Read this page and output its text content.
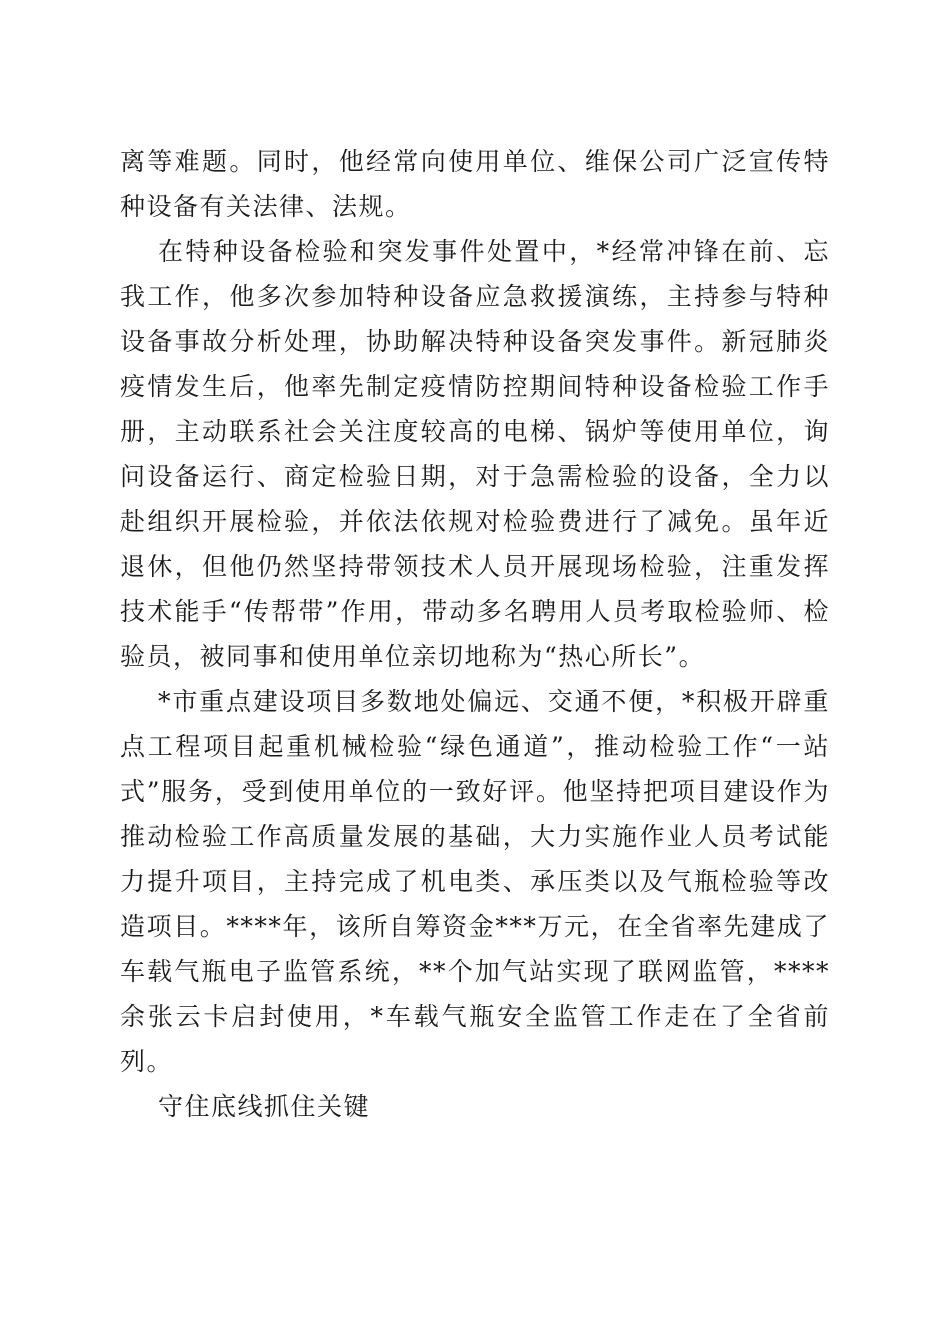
离等难题。同时，他经常向使用单位、维保公司广泛宣传特种设备有关法律、法规。

在特种设备检验和突发事件处置中，*经常冲锋在前、忘我工作，他多次参加特种设备应急救援演练，主持参与特种设备事故分析处理，协助解决特种设备突发事件。新冠肺炎疫情发生后，他率先制定疫情防控期间特种设备检验工作手册，主动联系社会关注度较高的电梯、锅炉等使用单位，询问设备运行、商定检验日期，对于急需检验的设备，全力以赴组织开展检验，并依法依规对检验费进行了减免。虽年近退休，但他仍然坚持带领技术人员开展现场检验，注重发挥技术能手“传帮带”作用，带动多名聘用人员考取检验师、检验员，被同事和使用单位亲切地称为“热心所长”。

*市重点建设项目多数地处偏远、交通不便，*积极开辟重点工程项目起重机械检验“绿色通道”，推动检验工作“一站式”服务，受到使用单位的一致好评。他坚持把项目建设作为推动检验工作高质量发展的基础，大力实施作业人员考试能力提升项目，主持完成了机电类、承压类以及气瓶检验等改造项目。****年，该所自筹资金***万元，在全省率先建成了车载气瓶电子监管系统，**个加气站实现了联网监管，****余张云卡启封使用，*车载气瓶安全监管工作走在了全省前列。

守住底线抓住关键
